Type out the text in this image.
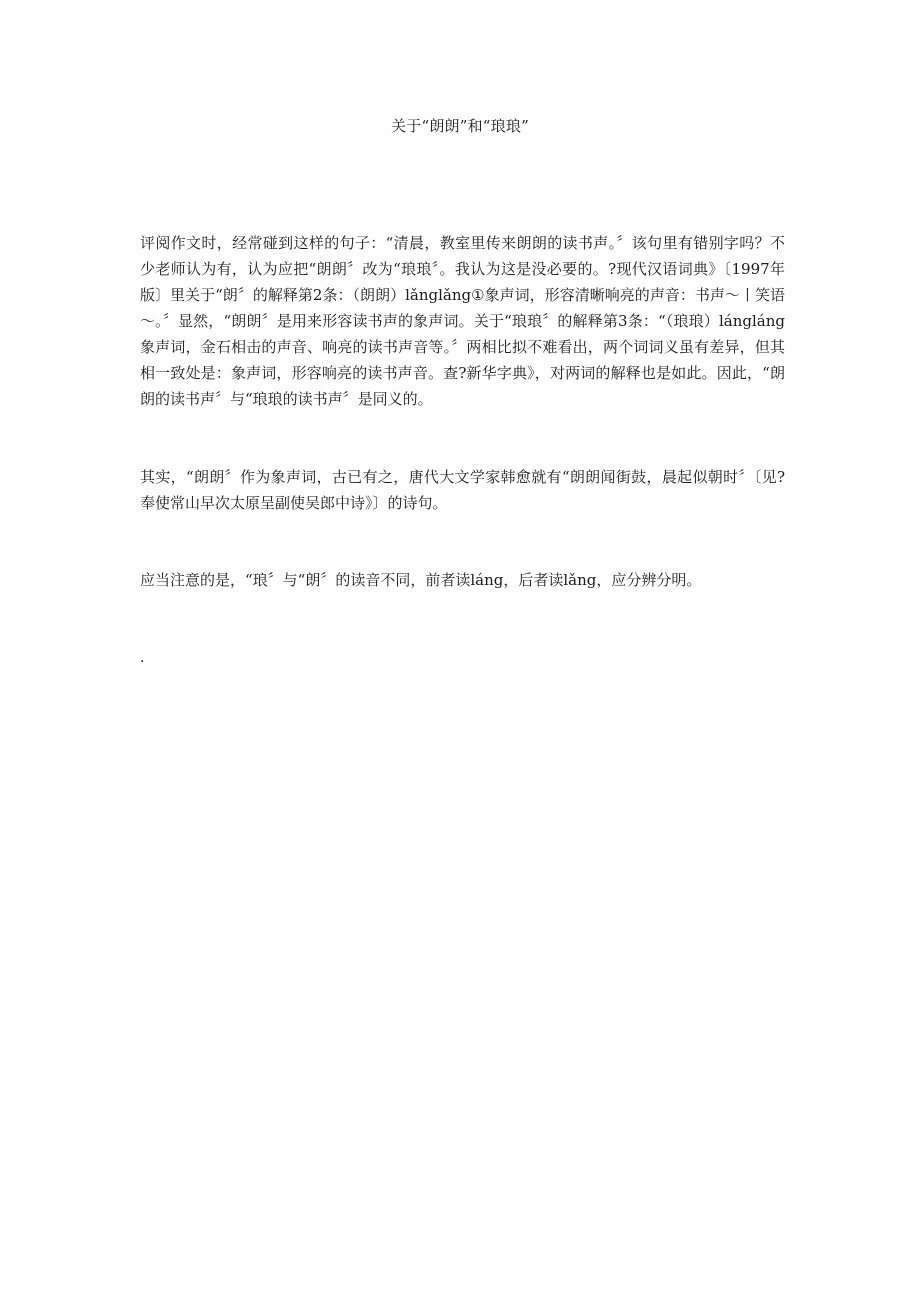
关于“朗朗”和“琅琅”

评阅作文时，经常碰到这样的句子：“清晨，教室里传来朗朗的读书声。〞该句里有错别字吗？不少老师认为有，认为应把“朗朗〞改为“琅琅〞。我认为这是没必要的。?现代汉语词典》〔1997年版〕里关于“朗〞的解释第2条：（朗朗）lǎnglǎng①象声词，形容清晰响亮的声音：书声～丨笑语～。〞显然，“朗朗〞是用来形容读书声的象声词。关于“琅琅〞的解释第3条：“（琅琅）lángláng象声词，金石相击的声音、响亮的读书声音等。〞两相比拟不难看出，两个词词义虽有差异，但其相一致处是：象声词，形容响亮的读书声音。查?新华字典》，对两词的解释也是如此。因此，“朗朗的读书声〞与“琅琅的读书声〞是同义的。

其实，“朗朗〞作为象声词，古已有之，唐代大文学家韩愈就有“朗朗闻街鼓，晨起似朝时〞〔见?奉使常山早次太原呈副使吴郎中诗》〕的诗句。

应当注意的是，“琅〞与“朗〞的读音不同，前者读láng，后者读lǎng，应分辨分明。

.
